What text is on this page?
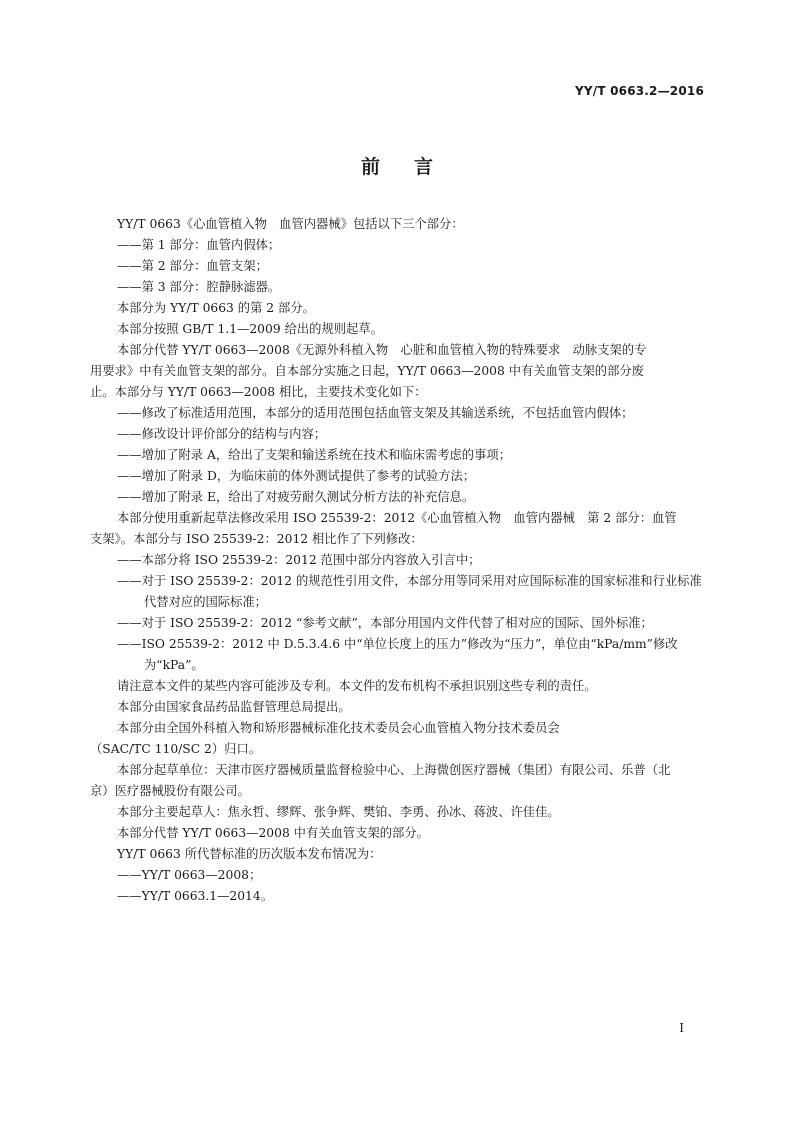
YY/T 0663.2—2016
前言

YY/T 0663《心血管植入物　血管内器械》包括以下三个部分：

——第 1 部分：血管内假体；

——第 2 部分：血管支架；

——第 3 部分：腔静脉滤器。

本部分为 YY/T 0663 的第 2 部分。

本部分按照 GB/T 1.1—2009 给出的规则起草。

本部分代替 YY/T 0663—2008《无源外科植入物　心脏和血管植入物的特殊要求　动脉支架的专

用要求》中有关血管支架的部分。自本部分实施之日起，YY/T 0663—2008 中有关血管支架的部分废

止。本部分与 YY/T 0663—2008 相比，主要技术变化如下：

——修改了标准适用范围，本部分的适用范围包括血管支架及其输送系统，不包括血管内假体；

——修改设计评价部分的结构与内容；

——增加了附录 A，给出了支架和输送系统在技术和临床需考虑的事项；

——增加了附录 D，为临床前的体外测试提供了参考的试验方法；

——增加了附录 E，给出了对疲劳耐久测试分析方法的补充信息。

本部分使用重新起草法修改采用 ISO 25539-2：2012《心血管植入物　血管内器械　第 2 部分：血管

支架》。本部分与 ISO 25539-2：2012 相比作了下列修改：

——本部分将 ISO 25539-2：2012 范围中部分内容放入引言中；

——对于 ISO 25539-2：2012 的规范性引用文件，本部分用等同采用对应国际标准的国家标准和行业标准代替对应的国际标准；

——对于 ISO 25539-2：2012 “参考文献”，本部分用国内文件代替了相对应的国际、国外标准；

——ISO 25539-2：2012 中 D.5.3.4.6 中“单位长度上的压力”修改为“压力”，单位由“kPa/mm”修改为“kPa”。

请注意本文件的某些内容可能涉及专利。本文件的发布机构不承担识别这些专利的责任。

本部分由国家食品药品监督管理总局提出。

本部分由全国外科植入物和矫形器械标准化技术委员会心血管植入物分技术委员会

（SAC/TC 110/SC 2）归口。

本部分起草单位：天津市医疗器械质量监督检验中心、上海微创医疗器械（集团）有限公司、乐普（北

京）医疗器械股份有限公司。

本部分主要起草人：焦永哲、缪辉、张争辉、樊铂、李勇、孙冰、蒋波、许佳佳。

本部分代替 YY/T 0663—2008 中有关血管支架的部分。

YY/T 0663 所代替标准的历次版本发布情况为：

——YY/T 0663—2008；

——YY/T 0663.1—2014。

I
